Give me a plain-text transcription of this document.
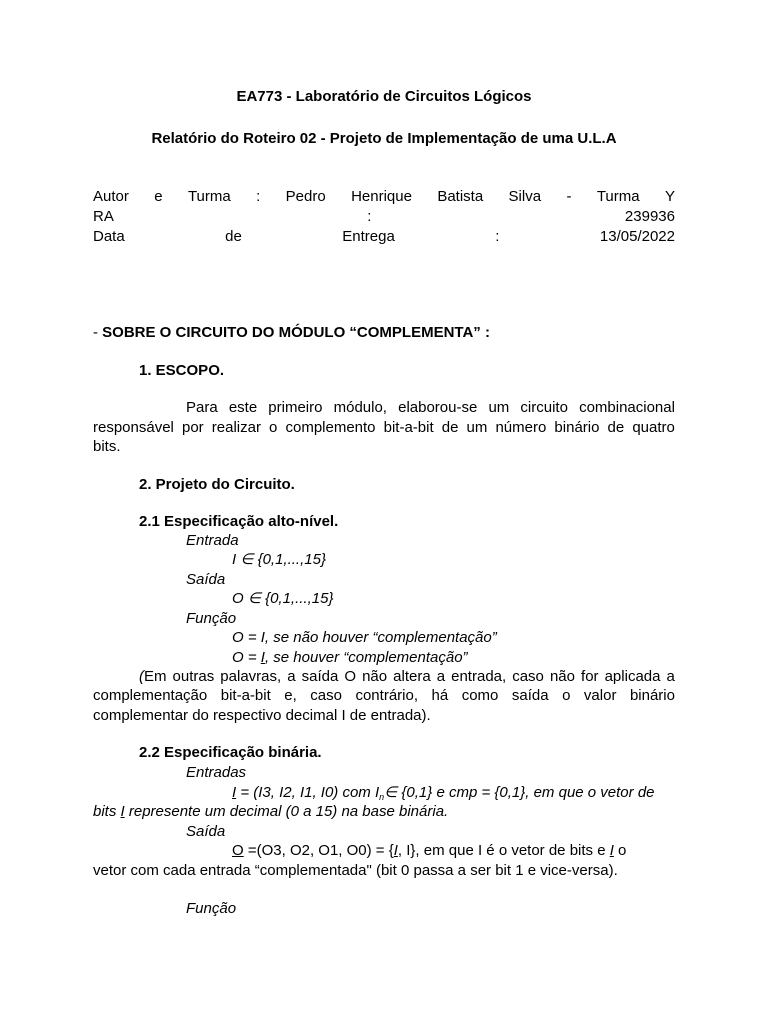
EA773 - Laboratório de Circuitos Lógicos
Relatório do Roteiro 02 - Projeto de Implementação de uma U.L.A
Autor e Turma : Pedro Henrique Batista Silva - Turma Y
RA	:	239936
Data	de	Entrega	:	13/05/2022
- SOBRE O CIRCUITO DO MÓDULO “COMPLEMENTA” :
1. ESCOPO.
Para este primeiro módulo, elaborou-se um circuito combinacional
responsável por realizar o complemento bit-a-bit de um número binário de quatro
bits.
2. Projeto do Circuito.
2.1 Especificação alto-nível.
Entrada
I ∈ {0,1,...,15}
Saída
O ∈ {0,1,...,15}
Função
O = I, se não houver “complementação”
O = I, se houver “complementação”
( Em outras palavras, a saída O não altera a entrada, caso não for aplicada a
complementação bit-a-bit e, caso contrário, há como saída o valor binário
complementar do respectivo decimal I de entrada).
2.2 Especificação binária.
Entradas
I = (I3, I2, I1, I0) com $I_n\in$ {0,1} e cmp = {0,1}, em que o vetor de
bits I represente um decimal (0 a 15) na base binária.
Saída
O =(O3, O2, O1, O0) = {I, I}, em que I é o vetor de bits e I o
vetor com cada entrada “complementada" (bit 0 passa a ser bit 1 e vice-versa).
Função
